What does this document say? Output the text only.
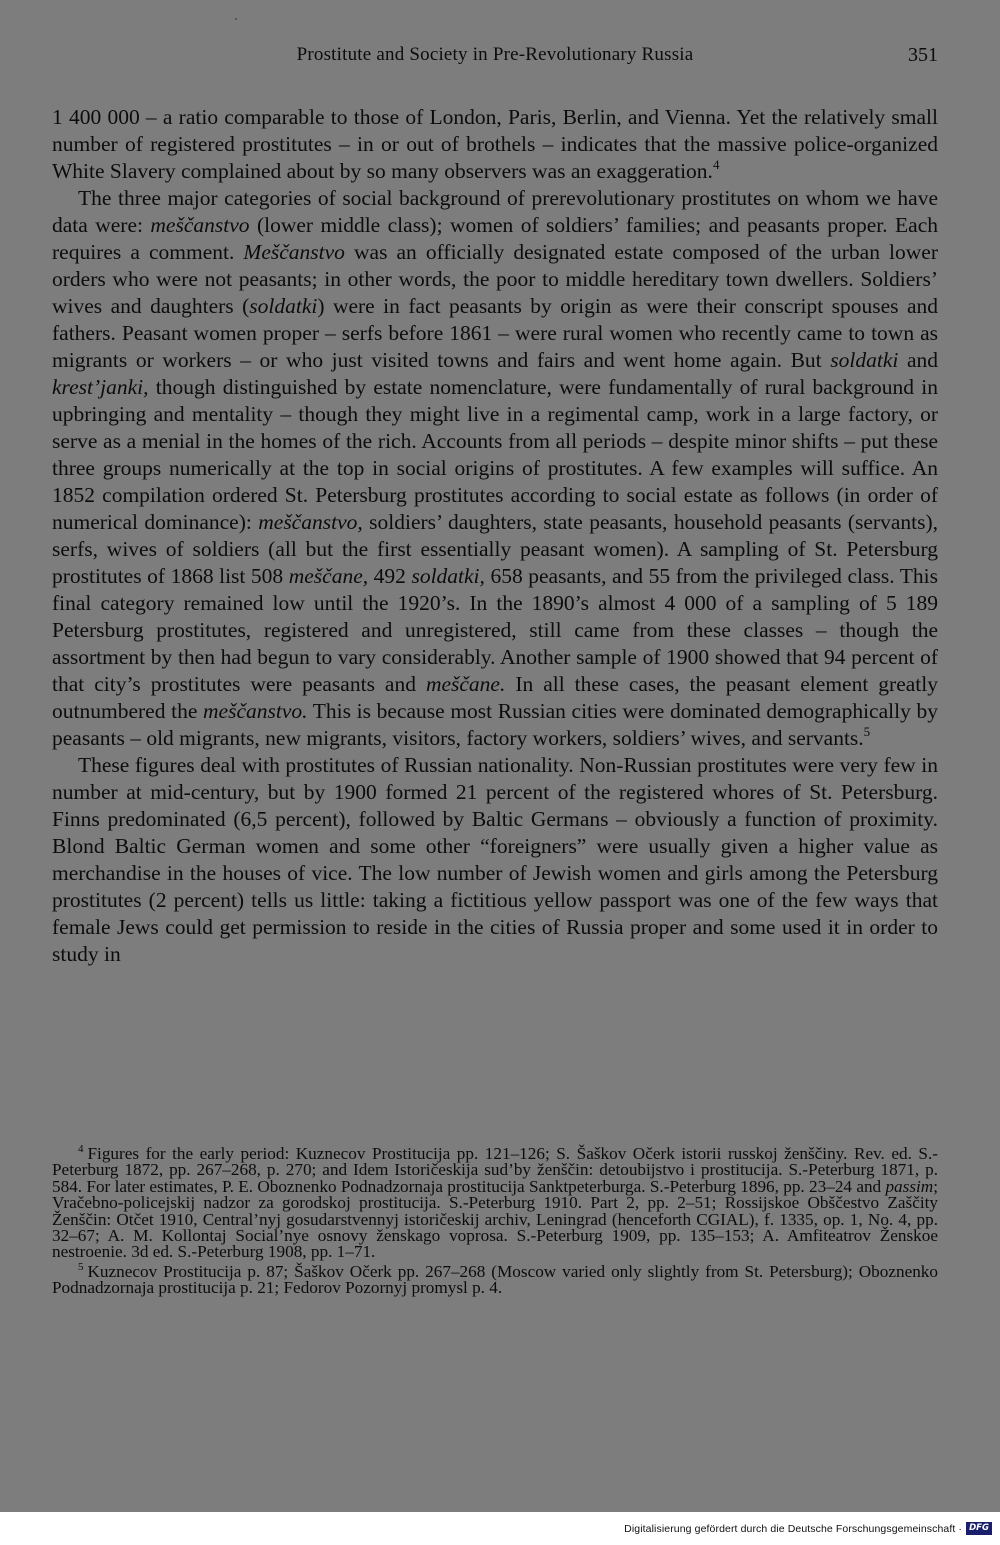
Prostitute and Society in Pre-Revolutionary Russia	351

1 400 000 – a ratio comparable to those of London, Paris, Berlin, and Vienna. Yet the relatively small number of registered prostitutes – in or out of brothels – indicates that the massive police-organized White Slavery complained about by so many observers was an exaggeration.$^4$

The three major categories of social background of prerevolutionary prostitutes on whom we have data were: meščanstvo (lower middle class); women of soldiers’ families; and peasants proper. Each requires a comment. Meščanstvo was an officially designated estate composed of the urban lower orders who were not peasants; in other words, the poor to middle hereditary town dwellers. Soldiers’ wives and daughters (soldatki) were in fact peasants by origin as were their conscript spouses and fathers. Peasant women proper – serfs before 1861 – were rural women who recently came to town as migrants or workers – or who just visited towns and fairs and went home again. But soldatki and krest’janki, though distinguished by estate nomenclature, were fundamentally of rural background in upbringing and mentality – though they might live in a regimental camp, work in a large factory, or serve as a menial in the homes of the rich. Accounts from all periods – despite minor shifts – put these three groups numerically at the top in social origins of prostitutes. A few examples will suffice. An 1852 compilation ordered St. Petersburg prostitutes according to social estate as follows (in order of numerical dominance): meščanstvo, soldiers’ daughters, state peasants, household peasants (servants), serfs, wives of soldiers (all but the first essentially peasant women). A sampling of St. Petersburg prostitutes of 1868 list 508 meščane, 492 soldatki, 658 peasants, and 55 from the privileged class. This final category remained low until the 1920’s. In the 1890’s almost 4 000 of a sampling of 5 189 Petersburg prostitutes, registered and unregistered, still came from these classes – though the assortment by then had begun to vary considerably. Another sample of 1900 showed that 94 percent of that city’s prostitutes were peasants and meščane. In all these cases, the peasant element greatly outnumbered the meščanstvo. This is because most Russian cities were dominated demographically by peasants – old migrants, new migrants, visitors, factory workers, soldiers’ wives, and servants.$^5$

These figures deal with prostitutes of Russian nationality. Non-Russian prostitutes were very few in number at mid-century, but by 1900 formed 21 percent of the registered whores of St. Petersburg. Finns predominated (6,5 percent), followed by Baltic Germans – obviously a function of proximity. Blond Baltic German women and some other “foreigners” were usually given a higher value as merchandise in the houses of vice. The low number of Jewish women and girls among the Petersburg prostitutes (2 percent) tells us little: taking a fictitious yellow passport was one of the few ways that female Jews could get permission to reside in the cities of Russia proper and some used it in order to study in

$^4$ Figures for the early period: Kuznecov Prostitucija pp. 121–126; S. Šaškov Očerk istorii russkoj ženščiny. Rev. ed. S.-Peterburg 1872, pp. 267–268, p. 270; and Idem Istoričeskija sud’by ženščin: detoubijstvo i prostitucija. S.-Peterburg 1871, p. 584. For later estimates, P. E. Oboznenko Podnadzornaja prostitucija Sanktpeterburga. S.-Peterburg 1896, pp. 23–24 and passim; Vračebno-policejskij nadzor za gorodskoj prostitucija. S.-Peterburg 1910. Part 2, pp. 2–51; Rossijskoe Obščestvo Zaščity Ženščin: Otčet 1910, Central’nyj gosudarstvennyj istoričeskij archiv, Leningrad (henceforth CGIAL), f. 1335, op. 1, No. 4, pp. 32–67; A. M. Kollontaj Social’nye osnovy ženskago voprosa. S.-Peterburg 1909, pp. 135–153; A. Amfiteatrov Ženskoe nestroenie. 3d ed. S.-Peterburg 1908, pp. 1–71.

$^5$ Kuznecov Prostitucija p. 87; Šaškov Očerk pp. 267–268 (Moscow varied only slightly from St. Petersburg); Oboznenko Podnadzornaja prostitucija p. 21; Fedorov Pozornyj promysl p. 4.

Digitalisierung gefördert durch die Deutsche Forschungsgemeinschaft · DFG
